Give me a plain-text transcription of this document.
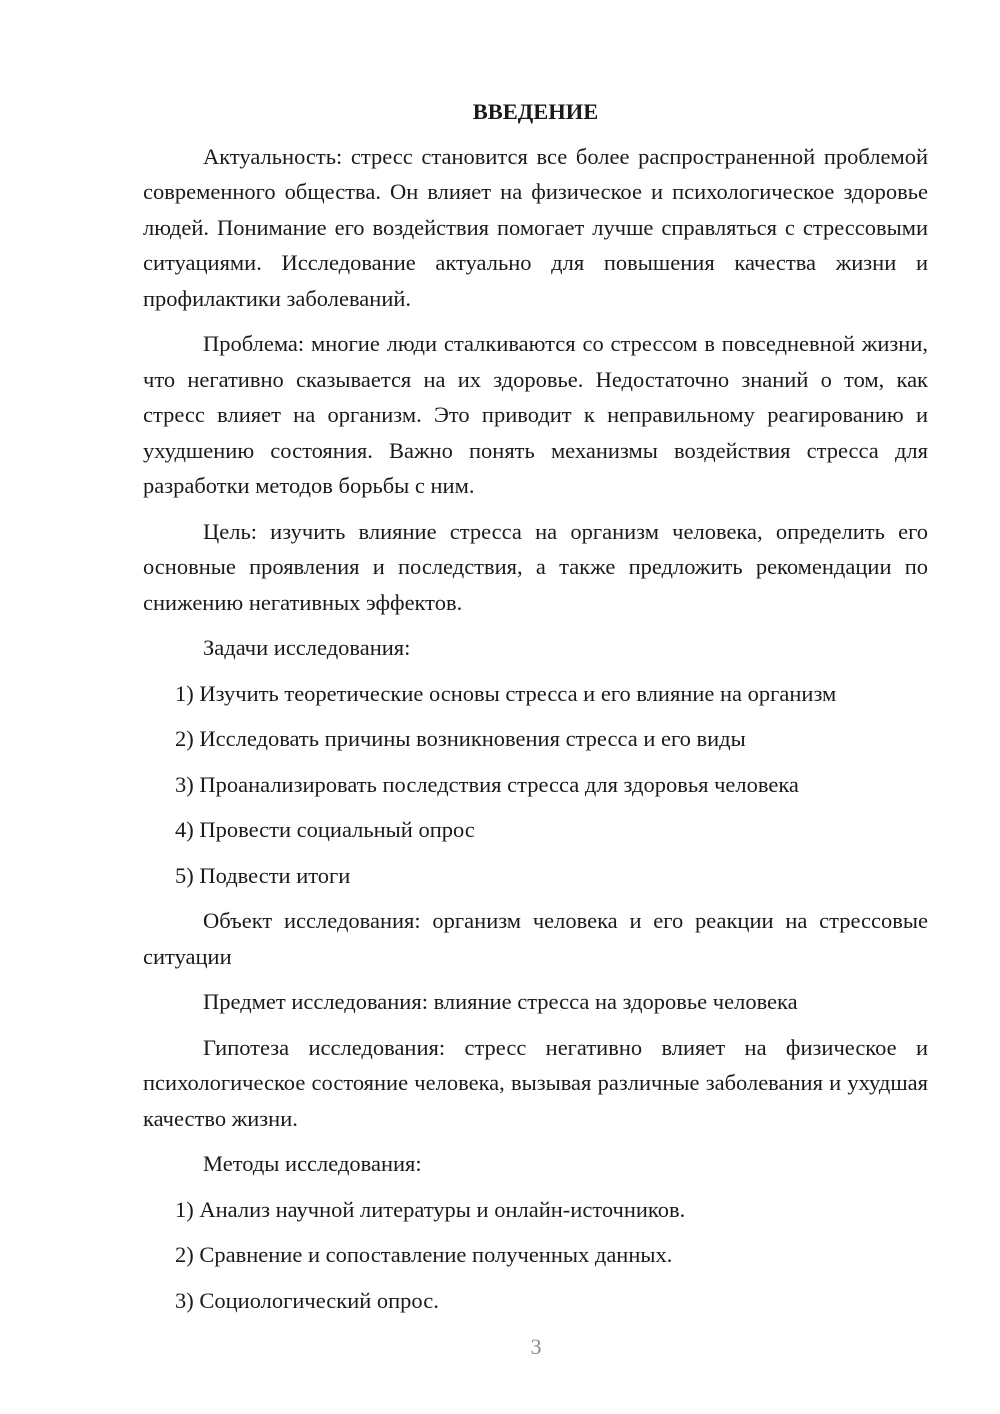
ВВЕДЕНИЕ

Актуальность: стресс становится все более распространенной проблемой современного общества. Он влияет на физическое и психологическое здоровье людей. Понимание его воздействия помогает лучше справляться с стрессовыми ситуациями. Исследование актуально для повышения качества жизни и профилактики заболеваний.

Проблема: многие люди сталкиваются со стрессом в повседневной жизни, что негативно сказывается на их здоровье. Недостаточно знаний о том, как стресс влияет на организм. Это приводит к неправильному реагированию и ухудшению состояния. Важно понять механизмы воздействия стресса для разработки методов борьбы с ним.

Цель: изучить влияние стресса на организм человека, определить его основные проявления и последствия, а также предложить рекомендации по снижению негативных эффектов.

Задачи исследования:

1) Изучить теоретические основы стресса и его влияние на организм

2) Исследовать причины возникновения стресса и его виды

3) Проанализировать последствия стресса для здоровья человека

4) Провести социальный опрос

5) Подвести итоги

Объект исследования: организм человека и его реакции на стрессовые ситуации

Предмет исследования: влияние стресса на здоровье человека

Гипотеза исследования: стресс негативно влияет на физическое и психологическое состояние человека, вызывая различные заболевания и ухудшая качество жизни.

Методы исследования:

1) Анализ научной литературы и онлайн-источников.

2) Сравнение и сопоставление полученных данных.

3) Социологический опрос.

3
